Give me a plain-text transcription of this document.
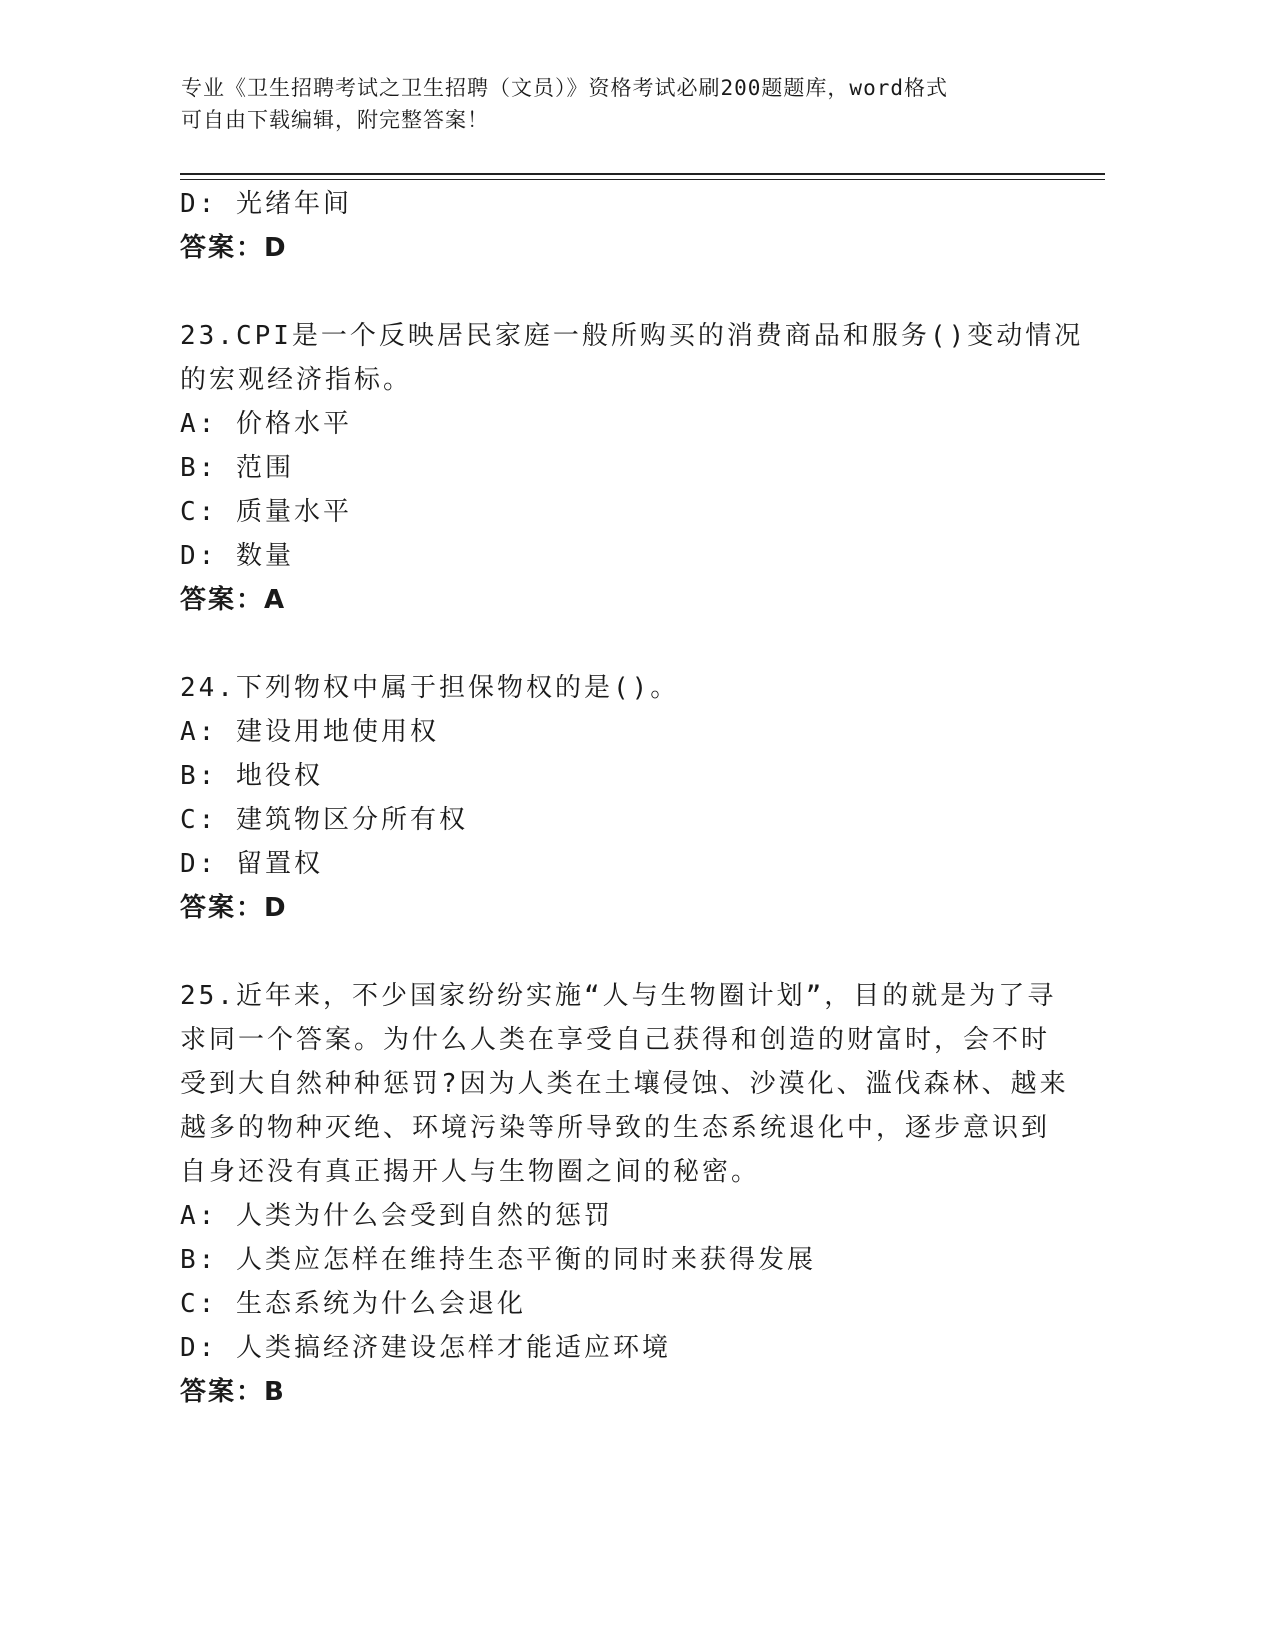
专业《卫生招聘考试之卫生招聘（文员）》资格考试必刷200题题库，word格式
可自由下载编辑，附完整答案！
D: 光绪年间
答案：D
23.CPI是一个反映居民家庭一般所购买的消费商品和服务()变动情况
的宏观经济指标。
A: 价格水平
B: 范围
C: 质量水平
D: 数量
答案：A
24.下列物权中属于担保物权的是()。
A: 建设用地使用权
B: 地役权
C: 建筑物区分所有权
D: 留置权
答案：D
25.近年来，不少国家纷纷实施“人与生物圈计划”，目的就是为了寻
求同一个答案。为什么人类在享受自己获得和创造的财富时，会不时
受到大自然种种惩罚?因为人类在土壤侵蚀、沙漠化、滥伐森林、越来
越多的物种灭绝、环境污染等所导致的生态系统退化中，逐步意识到
自身还没有真正揭开人与生物圈之间的秘密。
A: 人类为什么会受到自然的惩罚
B: 人类应怎样在维持生态平衡的同时来获得发展
C: 生态系统为什么会退化
D: 人类搞经济建设怎样才能适应环境
答案：B
